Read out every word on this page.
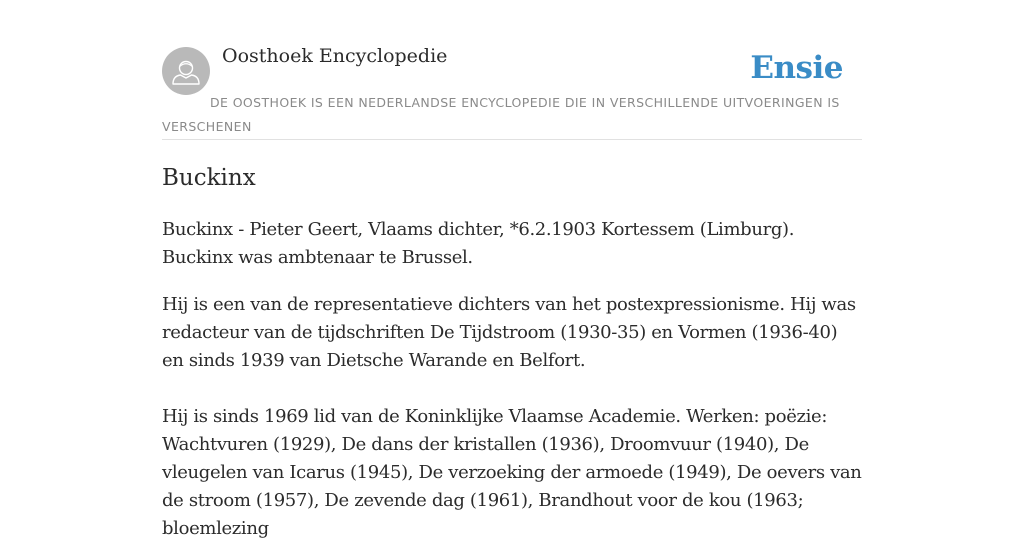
Oosthoek Encyclopedie	Ensie
DE OOSTHOEK IS EEN NEDERLANDSE ENCYCLOPEDIE DIE IN VERSCHILLENDE UITVOERINGEN IS VERSCHENEN
Buckinx

Buckinx - Pieter Geert, Vlaams dichter, *6.2.1903 Kortessem (Limburg). Buckinx was ambtenaar te Brussel.

Hij is een van de representatieve dichters van het postexpressionisme. Hij was redacteur van de tijdschriften De Tijdstroom (1930-35) en Vormen (1936-40) en sinds 1939 van Dietsche Warande en Belfort.

Hij is sinds 1969 lid van de Koninklijke Vlaamse Academie. Werken: poëzie: Wachtvuren (1929), De dans der kristallen (1936), Droomvuur (1940), De vleugelen van Icarus (1945), De verzoeking der armoede (1949), De oevers van de stroom (1957), De zevende dag (1961), Brandhout voor de kou (1963; bloemlezing
